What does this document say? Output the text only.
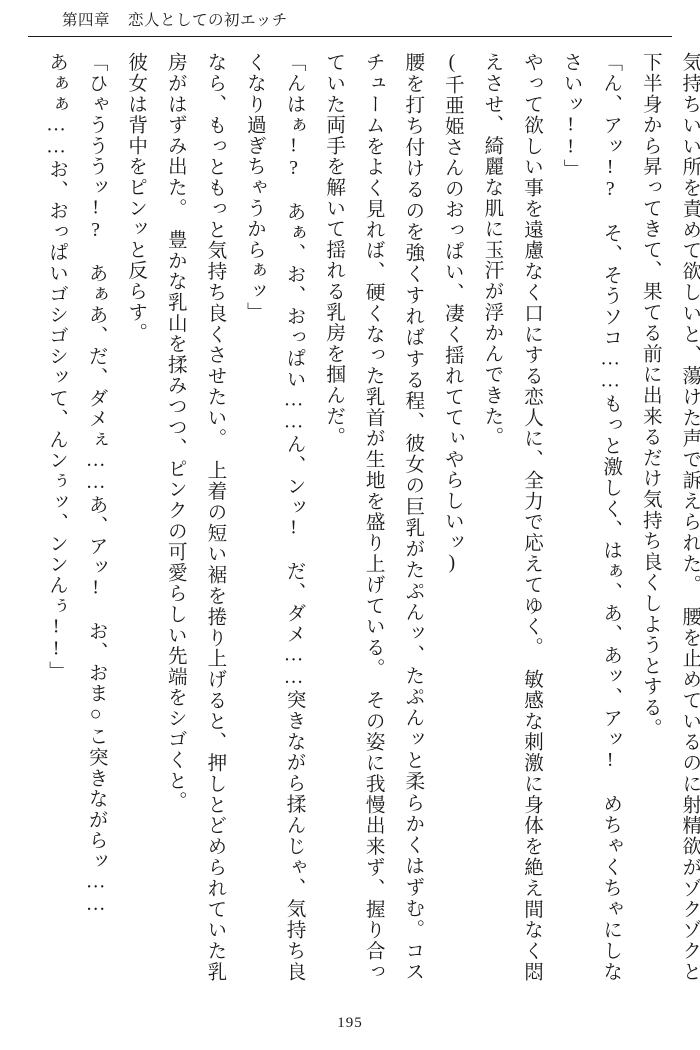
第四章 恋人としての初エッチ

気持ちいい所を責めて欲しいと、蕩けた声で訴えられた。　腰を止めているのに射精欲がゾクゾクと下半身から昇ってきて、果てる前に出来るだけ気持ち良くしようとする。

「ん、アッ!?　そ、そうソコ……もっと激しく、はぁ、あ、あッ、アッ!　めちゃくちゃにしなさいッ!!」

やって欲しい事を遠慮なく口にする恋人に、全力で応えてゆく。　敏感な刺激に身体を絶え間なく悶えさせ、綺麗な肌に玉汗が浮かんできた。

(千亜姫さんのおっぱい、凄く揺れててぃやらしいッ)

腰を打ち付けるのを強くすればする程、彼女の巨乳がたぷんッ、たぷんッと柔らかくはずむ。コスチュームをよく見れば、硬くなった乳首が生地を盛り上げている。　その姿に我慢出来ず、握り合っていた両手を解いて揺れる乳房を掴んだ。

「んはぁ!?　あぁ、お、おっぱい……ん、ンッ!　だ、ダメ……突きながら揉んじゃ、気持ち良くなり過ぎちゃうからぁッ」

なら、もっともっと気持ち良くさせたい。　上着の短い裾を捲り上げると、押しとどめられていた乳房がはずみ出た。　豊かな乳山を揉みつつ、ピンクの可愛らしい先端をシゴくと。

彼女は背中をピンッと反らす。

「ひゃうううッ!?　あぁあ、だ、ダメぇ……あ、アッ!　お、おま○こ突きながらッ……

あぁぁ……お、おっぱいゴシゴシッて、んンぅッ、ンンんぅ!!」

195
